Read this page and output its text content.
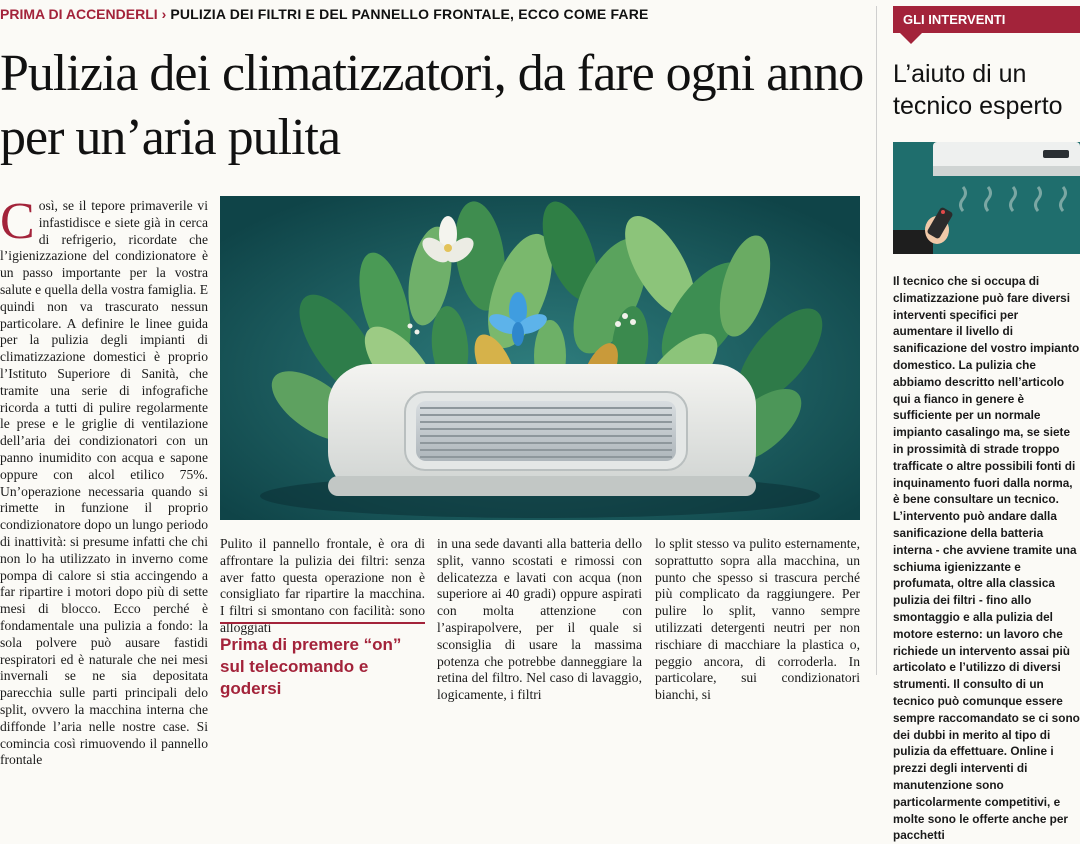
PRIMA DI ACCENDERLI › PULIZIA DEI FILTRI E DEL PANNELLO FRONTALE, ECCO COME FARE
Pulizia dei climatizzatori, da fare ogni anno per un’aria pulita
Così, se il tepore primaverile vi infastidisce e siete già in cerca di refrigerio, ricordate che l’igienizzazione del condizionatore è un passo importante per la vostra salute e quella della vostra famiglia. E quindi non va trascurato nessun particolare. A definire le linee guida per la pulizia degli impianti di climatizzazione domestici è proprio l’Istituto Superiore di Sanità, che tramite una serie di infografiche ricorda a tutti di pulire regolarmente le prese e le griglie di ventilazione dell’aria dei condizionatori con un panno inumidito con acqua e sapone oppure con alcol etilico 75%. Un’operazione necessaria quando si rimette in funzione il proprio condizionatore dopo un lungo periodo di inattività: si presume infatti che chi non lo ha utilizzato in inverno come pompa di calore si stia accingendo a far ripartire i motori dopo più di sette mesi di blocco. Ecco perché è fondamentale una pulizia a fondo: la sola polvere può ausare fastidi respiratori ed è naturale che nei mesi invernali se ne sia depositata parecchia sulle parti principali delo split, ovvero la macchina interna che diffonde l’aria nelle nostre case. Si comincia così rimuovendo il pannello frontale

Pulito il pannello frontale, è ora di affrontare la pulizia dei filtri: senza aver fatto questa operazione non è consigliato far ripartire la macchina. I filtri si smontano con facilità: sono alloggiati

Prima di premere “on” sul telecomando e godersi

in una sede davanti alla batteria dello split, vanno scostati e rimossi con delicatezza e lavati con acqua (non superiore ai 40 gradi) oppure aspirati con molta attenzione con l’aspirapolvere, per il quale si sconsiglia di usare la massima potenza che potrebbe danneggiare la retina del filtro. Nel caso di lavaggio, logicamente, i filtri

lo split stesso va pulito esternamente, soprattutto sopra alla macchina, un punto che spesso si trascura perché più complicato da raggiungere. Per pulire lo split, vanno sempre utilizzati detergenti neutri per non rischiare di macchiare la plastica o, peggio ancora, di corroderla. In particolare, sui condizionatori bianchi, si

GLI INTERVENTI
L’aiuto di un tecnico esperto

Il tecnico che si occupa di climatizzazione può fare diversi interventi specifici per aumentare il livello di sanificazione del vostro impianto domestico. La pulizia che abbiamo descritto nell’articolo qui a fianco in genere è sufficiente per un normale impianto casalingo ma, se siete in prossimità di strade troppo trafficate o altre possibili fonti di inquinamento fuori dalla norma, è bene consultare un tecnico. L’intervento può andare dalla sanificazione della batteria interna - che avviene tramite una schiuma igienizzante e profumata, oltre alla classica pulizia dei filtri - fino allo smontaggio e alla pulizia del motore esterno: un lavoro che richiede un intervento assai più articolato e l’utilizzo di diversi strumenti. Il consulto di un tecnico può comunque essere sempre raccomandato se ci sono dei dubbi in merito al tipo di pulizia da effettuare. Online i prezzi degli interventi di manutenzione sono particolarmente competitivi, e molte sono le offerte anche per pacchetti
